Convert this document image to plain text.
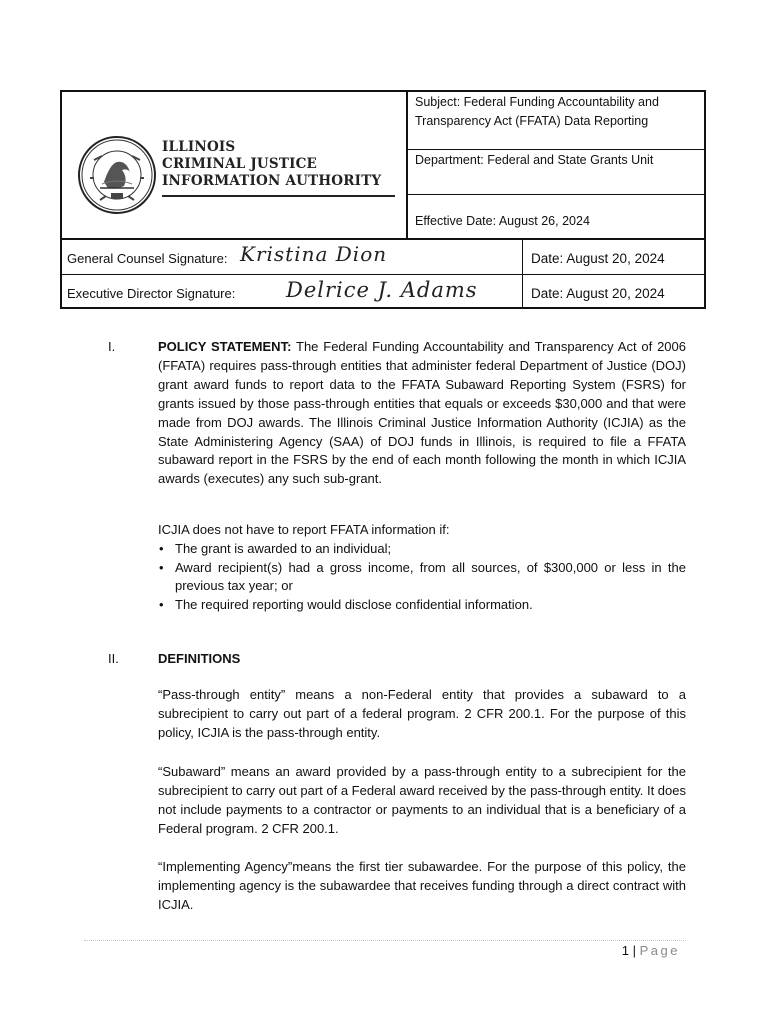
ILLINOIS
CRIMINAL JUSTICE
INFORMATION AUTHORITY
Subject: Federal Funding Accountability and Transparency Act (FFATA) Data Reporting
Department: Federal and State Grants Unit
Effective Date: August 26, 2024
General Counsel Signature: Kristina Dion	Date: August 20, 2024
Executive Director Signature: Delrice J. Adams	Date: August 20, 2024
I.	POLICY STATEMENT: The Federal Funding Accountability and Transparency Act of 2006 (FFATA) requires pass-through entities that administer federal Department of Justice (DOJ) grant award funds to report data to the FFATA Subaward Reporting System (FSRS) for grants issued by those pass-through entities that equals or exceeds $30,000 and that were made from DOJ awards. The Illinois Criminal Justice Information Authority (ICJIA) as the State Administering Agency (SAA) of DOJ funds in Illinois, is required to file a FFATA subaward report in the FSRS by the end of each month following the month in which ICJIA awards (executes) any such sub-grant.
ICJIA does not have to report FFATA information if:
• The grant is awarded to an individual;
• Award recipient(s) had a gross income, from all sources, of $300,000 or less in the previous tax year; or
• The required reporting would disclose confidential information.
II.	DEFINITIONS
“Pass-through entity” means a non-Federal entity that provides a subaward to a subrecipient to carry out part of a federal program. 2 CFR 200.1. For the purpose of this policy, ICJIA is the pass-through entity.
“Subaward” means an award provided by a pass-through entity to a subrecipient for the subrecipient to carry out part of a Federal award received by the pass-through entity. It does not include payments to a contractor or payments to an individual that is a beneficiary of a Federal program. 2 CFR 200.1.
“Implementing Agency”means the first tier subawardee. For the purpose of this policy, the implementing agency is the subawardee that receives funding through a direct contract with ICJIA.
1 | Page
